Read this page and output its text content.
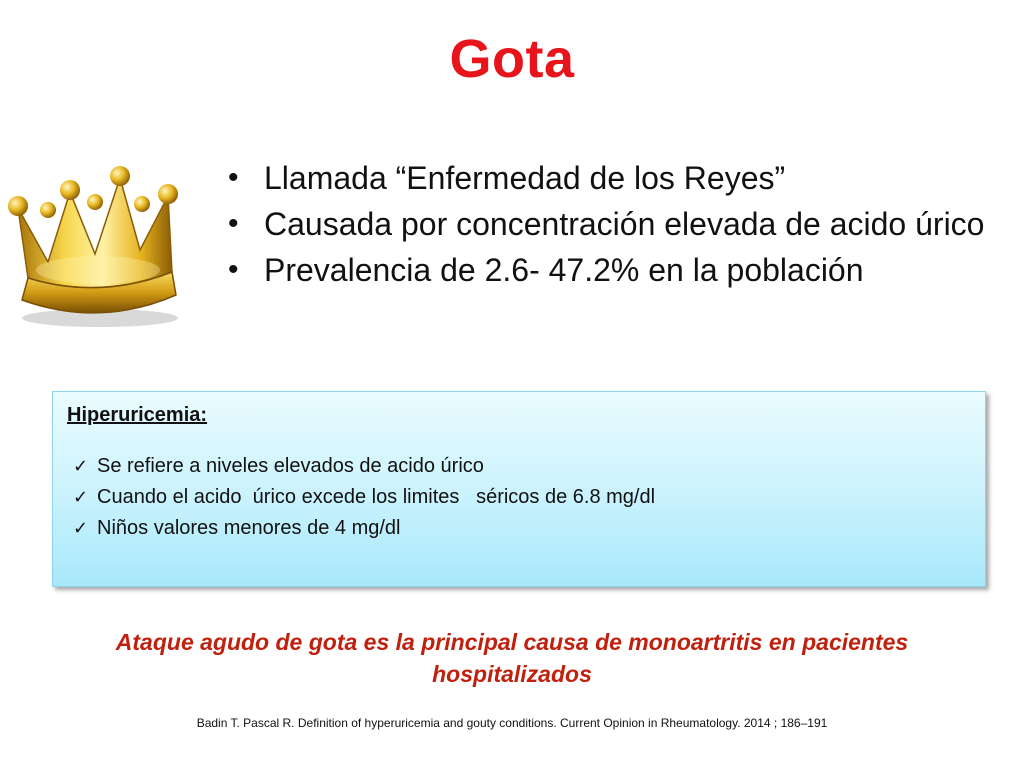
Gota
• Llamada “Enfermedad de los Reyes”
• Causada por concentración elevada de acido úrico
• Prevalencia de 2.6- 47.2% en la población

Hiperuricemia:

✓ Se refiere a niveles elevados de acido úrico
✓ Cuando el acido  úrico excede los limites   séricos de 6.8 mg/dl
✓ Niños valores menores de 4 mg/dl
Ataque agudo de gota es la principal causa de monoartritis en pacientes hospitalizados
Badin T. Pascal R. Definition of hyperuricemia and gouty conditions. Current Opinion in Rheumatology. 2014 ; 186–191
